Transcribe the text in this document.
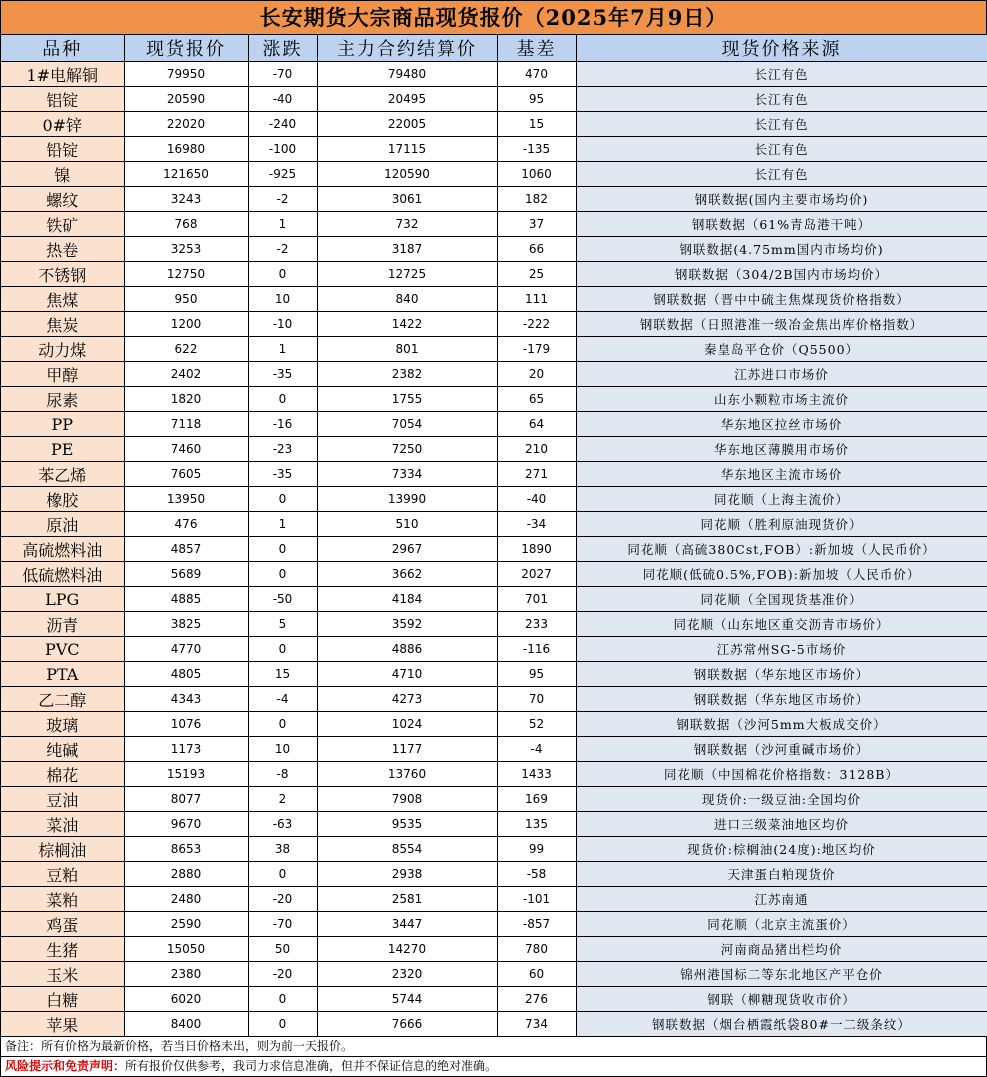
长安期货大宗商品现货报价（2025年7月9日）
品种	现货报价	涨跌	主力合约结算价	基差	现货价格来源
1#电解铜	79950	-70	79480	470	长江有色
铝锭	20590	-40	20495	95	长江有色
0#锌	22020	-240	22005	15	长江有色
铅锭	16980	-100	17115	-135	长江有色
镍	121650	-925	120590	1060	长江有色
螺纹	3243	-2	3061	182	钢联数据(国内主要市场均价)
铁矿	768	1	732	37	钢联数据（61%青岛港干吨）
热卷	3253	-2	3187	66	钢联数据(4.75mm国内市场均价)
不锈钢	12750	0	12725	25	钢联数据（304/2B国内市场均价）
焦煤	950	10	840	111	钢联数据（晋中中硫主焦煤现货价格指数）
焦炭	1200	-10	1422	-222	钢联数据（日照港准一级冶金焦出库价格指数）
动力煤	622	1	801	-179	秦皇岛平仓价（Q5500）
甲醇	2402	-35	2382	20	江苏进口市场价
尿素	1820	0	1755	65	山东小颗粒市场主流价
PP	7118	-16	7054	64	华东地区拉丝市场价
PE	7460	-23	7250	210	华东地区薄膜用市场价
苯乙烯	7605	-35	7334	271	华东地区主流市场价
橡胶	13950	0	13990	-40	同花顺（上海主流价）
原油	476	1	510	-34	同花顺（胜利原油现货价）
高硫燃料油	4857	0	2967	1890	同花顺（高硫380Cst,FOB）:新加坡（人民币价）
低硫燃料油	5689	0	3662	2027	同花顺(低硫0.5%,FOB):新加坡（人民币价）
LPG	4885	-50	4184	701	同花顺（全国现货基准价）
沥青	3825	5	3592	233	同花顺（山东地区重交沥青市场价）
PVC	4770	0	4886	-116	江苏常州SG-5市场价
PTA	4805	15	4710	95	钢联数据（华东地区市场价）
乙二醇	4343	-4	4273	70	钢联数据（华东地区市场价）
玻璃	1076	0	1024	52	钢联数据（沙河5mm大板成交价）
纯碱	1173	10	1177	-4	钢联数据（沙河重碱市场价）
棉花	15193	-8	13760	1433	同花顺（中国棉花价格指数：3128B）
豆油	8077	2	7908	169	现货价:一级豆油:全国均价
菜油	9670	-63	9535	135	进口三级菜油地区均价
棕榈油	8653	38	8554	99	现货价:棕榈油(24度):地区均价
豆粕	2880	0	2938	-58	天津蛋白粕现货价
菜粕	2480	-20	2581	-101	江苏南通
鸡蛋	2590	-70	3447	-857	同花顺（北京主流蛋价）
生猪	15050	50	14270	780	河南商品猪出栏均价
玉米	2380	-20	2320	60	锦州港国标二等东北地区产平仓价
白糖	6020	0	5744	276	钢联（柳糖现货收市价）
苹果	8400	0	7666	734	钢联数据（烟台栖霞纸袋80#一二级条纹）
备注：所有价格为最新价格，若当日价格未出，则为前一天报价。
风险提示和免责声明：所有报价仅供参考，我司力求信息准确，但并不保证信息的绝对准确。
